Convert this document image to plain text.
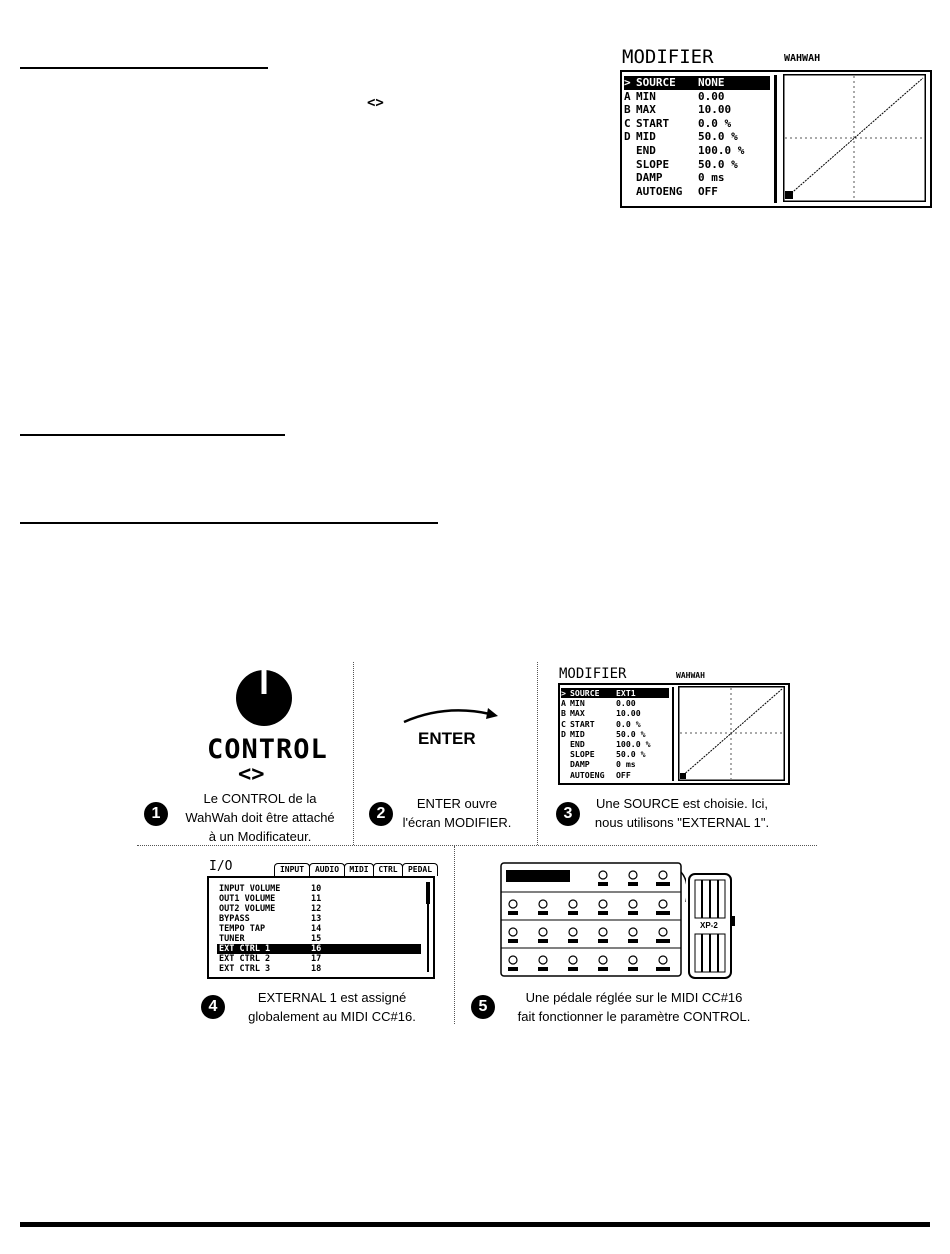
<>
MODIFIER	WAHWAH
> SOURCE NONE
A MIN	0.00
B MAX	10.00
C START	0.0 %
D MID	50.0 %
END	100.0 %
SLOPE	50.0 %
DAMP	0 ms
AUTOENG OFF
CONTROL
<>
1
Le CONTROL de la
WahWah doit être attaché
à un Modificateur.
ENTER
2
ENTER ouvre
l'écran MODIFIER.
MODIFIER	WAHWAH
> SOURCE EXT1
A MIN	0.00
B MAX	10.00
C START	0.0 %
D MID	50.0 %
END	100.0 %
SLOPE	50.0 %
DAMP	0 ms
AUTOENG OFF
3
Une SOURCE est choisie. Ici,
nous utilisons "EXTERNAL 1".
I/O	INPUT	AUDIO	MIDI	CTRL	PEDAL
INPUT VOLUME	10
OUT1 VOLUME	11
OUT2 VOLUME	12
BYPASS	13
TEMPO TAP	14
TUNER	15
EXT CTRL 1	16
EXT CTRL 2	17
EXT CTRL 3	18
4
EXTERNAL 1 est assigné
globalement au MIDI CC#16.
XP-2
5
Une pédale réglée sur le MIDI CC#16
fait fonctionner le paramètre CONTROL.
